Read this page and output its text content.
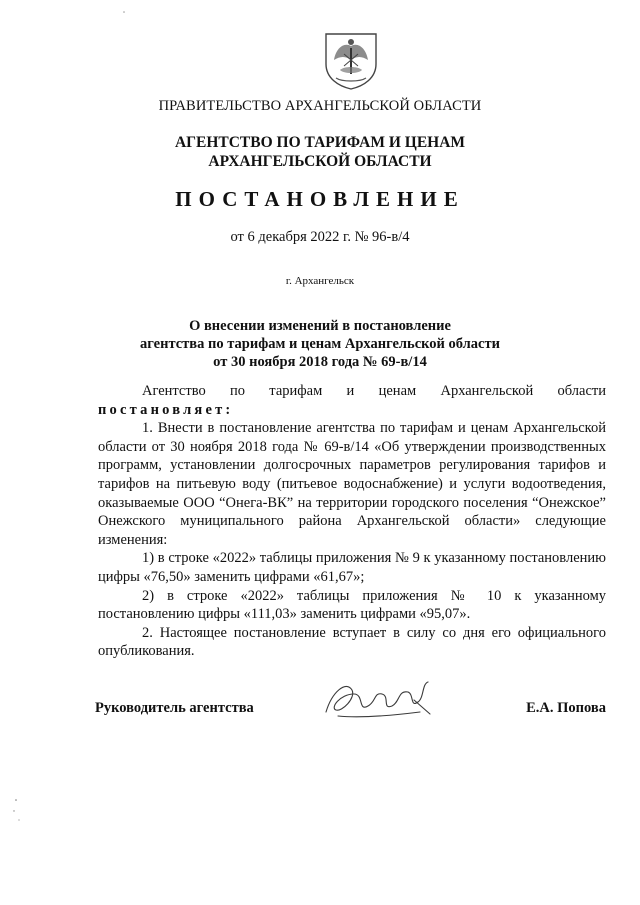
ПРАВИТЕЛЬСТВО АРХАНГЕЛЬСКОЙ ОБЛАСТИ
АГЕНТСТВО ПО ТАРИФАМ И ЦЕНАМ
АРХАНГЕЛЬСКОЙ ОБЛАСТИ
ПОСТАНОВЛЕНИЕ
от 6 декабря 2022 г. № 96-в/4
г. Архангельск
О внесении изменений в постановление
агентства по тарифам и ценам Архангельской области
от 30 ноября 2018 года № 69-в/14

Агентство по тарифам и ценам Архангельской области

постановляет:

1. Внести в постановление агентства по тарифам и ценам Архангельской области от 30 ноября 2018 года № 69-в/14 «Об утверждении производственных программ, установлении долгосрочных параметров регулирования тарифов и тарифов на питьевую воду (питьевое водоснабжение) и услуги водоотведения, оказываемые ООО “Онега-ВК” на территории городского поселения “Онежское” Онежского муниципального района Архангельской области» следующие изменения:

1) в строке «2022» таблицы приложения № 9 к указанному постановлению цифры «76,50» заменить цифрами «61,67»;

2) в строке «2022» таблицы приложения № 10 к указанному постановлению цифры «111,03» заменить цифрами «95,07».

2. Настоящее постановление вступает в силу со дня его официального опубликования.

Руководитель агентства	Е.А. Попова
